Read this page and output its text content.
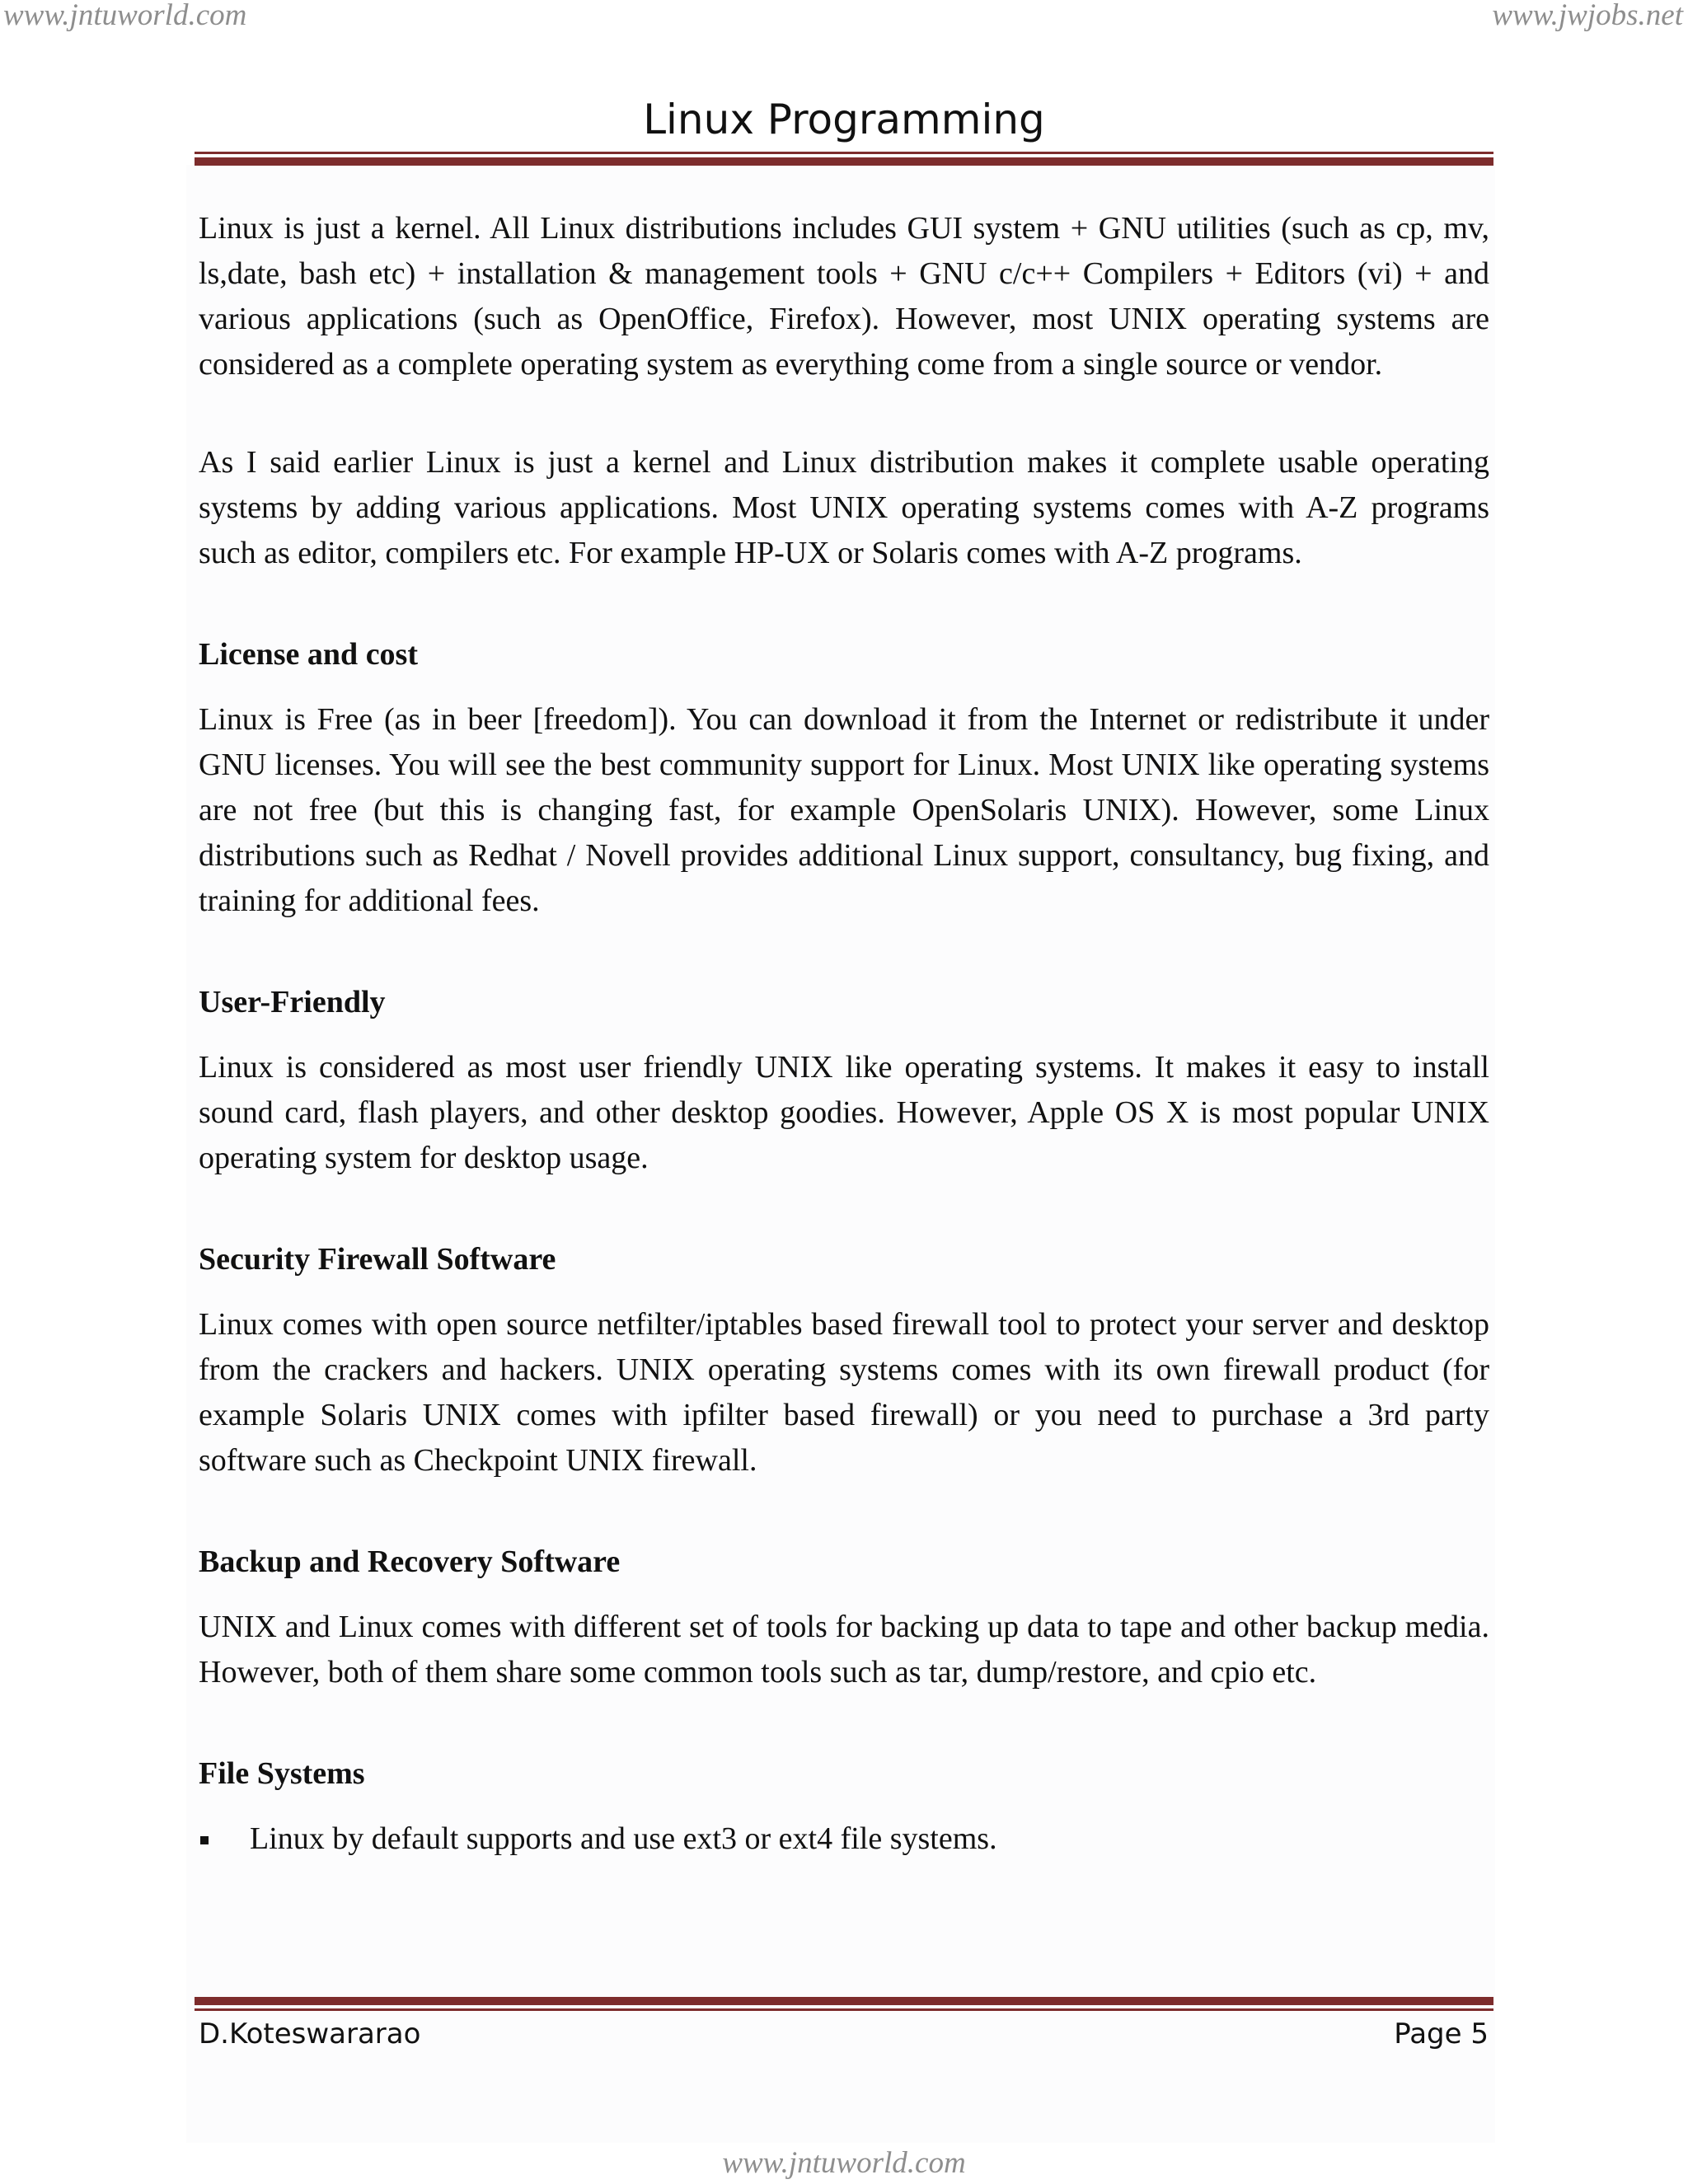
www.jntuworld.com	www.jwjobs.net
Linux Programming

Linux is just a kernel. All Linux distributions includes GUI system + GNU utilities (such as cp, mv, ls,date, bash etc) + installation & management tools + GNU c/c++ Compilers + Editors (vi) + and various applications (such as OpenOffice, Firefox). However, most UNIX operating systems are considered as a complete operating system as everything come from a single source or vendor.

As I said earlier Linux is just a kernel and Linux distribution makes it complete usable operating systems by adding various applications. Most UNIX operating systems comes with A-Z programs such as editor, compilers etc. For example HP-UX or Solaris comes with A-Z programs.

License and cost

Linux is Free (as in beer [freedom]). You can download it from the Internet or redistribute it under GNU licenses. You will see the best community support for Linux. Most UNIX like operating systems are not free (but this is changing fast, for example OpenSolaris UNIX). However, some Linux distributions such as Redhat / Novell provides additional Linux support, consultancy, bug fixing, and training for additional fees.

User-Friendly

Linux is considered as most user friendly UNIX like operating systems. It makes it easy to install sound card, flash players, and other desktop goodies. However, Apple OS X is most popular UNIX operating system for desktop usage.

Security Firewall Software

Linux comes with open source netfilter/iptables based firewall tool to protect your server and desktop from the crackers and hackers. UNIX operating systems comes with its own firewall product (for example Solaris UNIX comes with ipfilter based firewall) or you need to purchase a 3rd party software such as Checkpoint UNIX firewall.

Backup and Recovery Software

UNIX and Linux comes with different set of tools for backing up data to tape and other backup media. However, both of them share some common tools such as tar, dump/restore, and cpio etc.

File Systems

Linux by default supports and use ext3 or ext4 file systems.
D.Koteswararao	Page 5
www.jntuworld.com
